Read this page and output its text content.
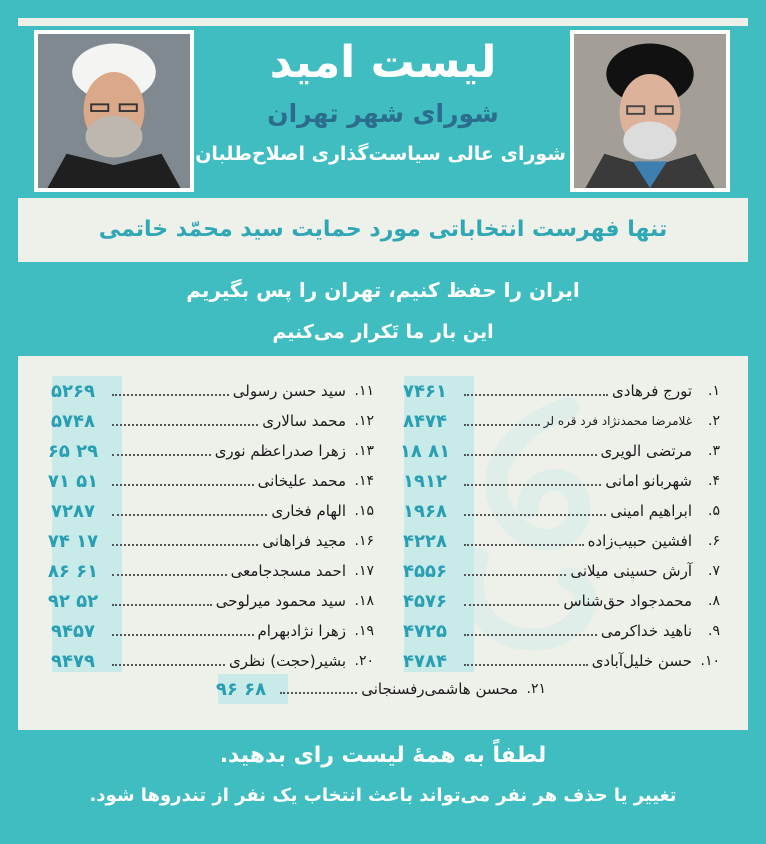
لیست امید
شورای شهر تهران
شورای عالی سیاست‌گذاری اصلاح‌طلبان
تنها فهرست انتخاباتی مورد حمایت سید محمّد خاتمی
ایران را حفظ کنیم، تهران را پس بگیریم
این بار ما تَکرار می‌کنیم
۱.
تورج فرهادی
۷۴۶۱
۲.
غلامرضا محمدنژاد فرد قره لر
۸۴۷۴
۳.
مرتضی الویری
۱۸ ۸۱
۴.
شهربانو امانی
۱۹۱۲
۵.
ابراهیم امینی
۱۹۶۸
۶.
افشین حبیب‌زاده
۴۲۲۸
۷.
آرش حسینی میلانی
۴۵۵۶
۸.
محمدجواد حق‌شناس
۴۵۷۶
۹.
ناهید خداکرمی
۴۷۲۵
۱۰.
حسن خلیل‌آبادی
۴۷۸۴
۱۱.
سید حسن رسولی
۵۲۶۹
۱۲.
محمد سالاری
۵۷۴۸
۱۳.
زهرا صدراعظم نوری
۶۵ ۲۹
۱۴.
محمد علیخانی
۷۱ ۵۱
۱۵.
الهام فخاری
۷۲۸۷
۱۶.
مجید فراهانی
۷۴ ۱۷
۱۷.
احمد مسجدجامعی
۸۶ ۶۱
۱۸.
سید محمود میرلوحی
۹۲ ۵۲
۱۹.
زهرا نژادبهرام
۹۴۵۷
۲۰.
بشیر(حجت) نظری
۹۴۷۹
۲۱.
محسن هاشمی‌رفسنجانی
۹۶ ۶۸
لطفاً به همهٔ لیست رای بدهید.
تغییر یا حذف هر نفر می‌تواند باعث انتخاب یک نفر از تندروها شود.
